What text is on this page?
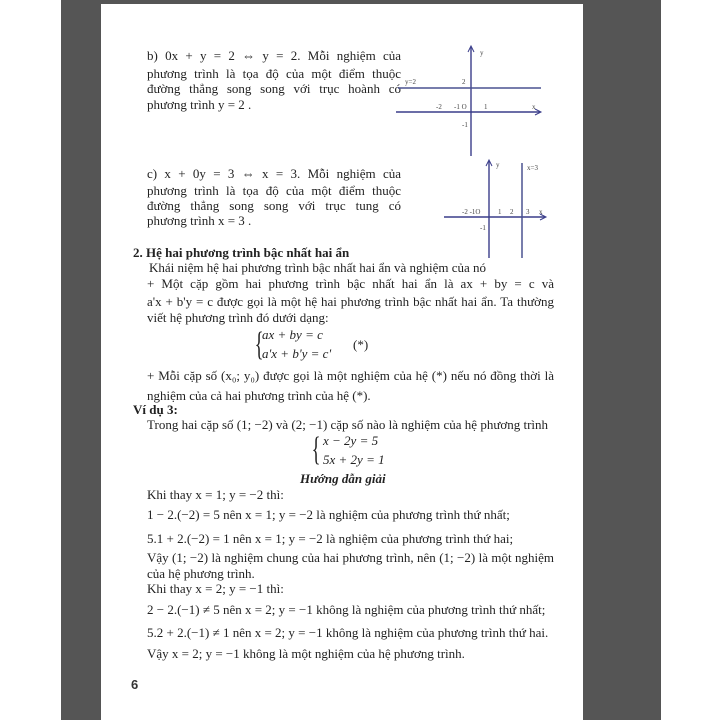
b) 0x + y = 2 ⇔ y = 2. Mỗi nghiệm của
phương trình là tọa độ của một điểm thuộc
đường thẳng song song với trục hoành có
phương trình y = 2 .
y
y=2	2
-2 -1 O 1	x
-1
c) x + 0y = 3 ⇔ x = 3. Mỗi nghiệm của
phương trình là tọa độ của một điểm thuộc
đường thẳng song song với trục tung có
phương trình x = 3 .
y	x=3
-2 -1O	1 2 3 x
-1
2. Hệ hai phương trình bậc nhất hai ẩn
Khái niệm hệ hai phương trình bậc nhất hai ẩn và nghiệm của nó
+ Một cặp gồm hai phương trình bậc nhất hai ẩn là ax + by = c và
a'x + b'y = c được gọi là một hệ hai phương trình bậc nhất hai ẩn. Ta thường
viết hệ phương trình đó dưới dạng:
{
ax + by = c
a'x + b'y = c'
(*)
+ Mỗi cặp số (x₀; y₀) được gọi là một nghiệm của hệ (*) nếu nó đồng thời là
nghiệm của cả hai phương trình của hệ (*).
Ví dụ 3:
Trong hai cặp số (1; −2) và (2; −1) cặp số nào là nghiệm của hệ phương trình
{ x − 2y = 5
5x + 2y = 1
Hướng dẫn giải
Khi thay x = 1; y = −2 thì:
1 − 2.(−2) = 5 nên x = 1; y = −2 là nghiệm của phương trình thứ nhất;
5.1 + 2.(−2) = 1 nên x = 1; y = −2 là nghiệm của phương trình thứ hai;
Vậy (1; −2) là nghiệm chung của hai phương trình, nên (1; −2) là một nghiệm
của hệ phương trình.
Khi thay x = 2; y = −1 thì:
2 − 2.(−1) ≠ 5 nên x = 2; y = −1 không là nghiệm của phương trình thứ nhất;
5.2 + 2.(−1) ≠ 1 nên x = 2; y = −1 không là nghiệm của phương trình thứ hai.
Vậy x = 2; y = −1 không là một nghiệm của hệ phương trình.
6
